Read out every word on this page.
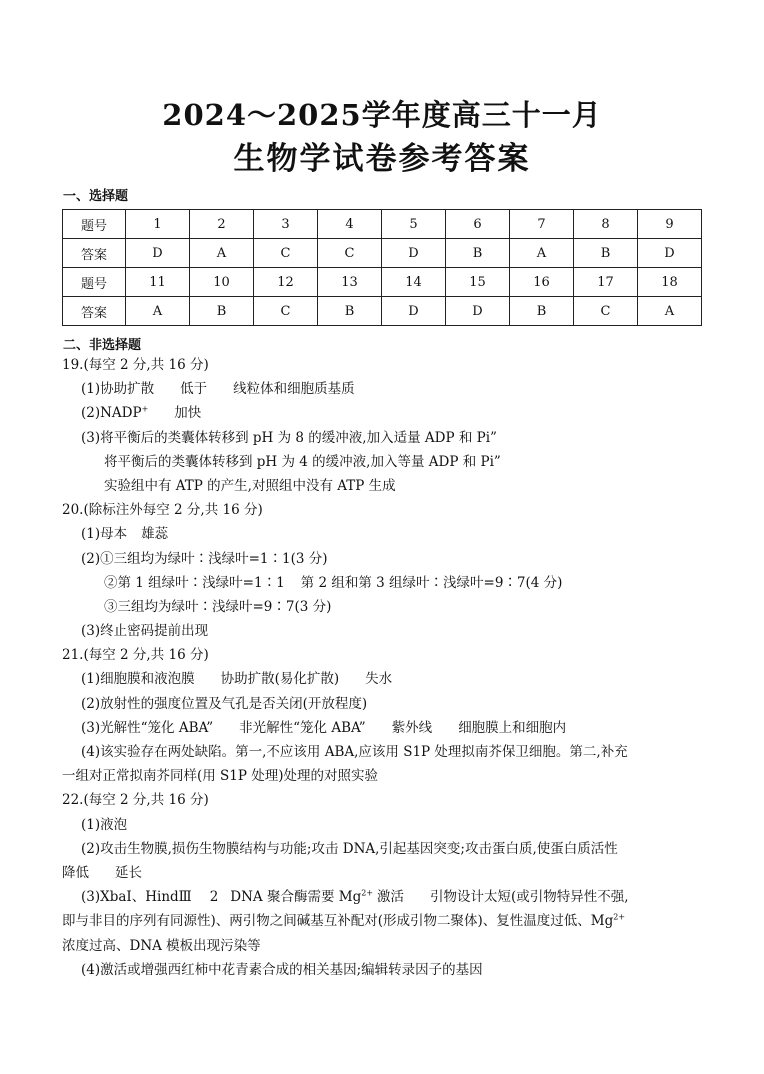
2024～2025学年度高三十一月
生物学试卷参考答案
一、选择题
题号	1	2	3	4	5	6	7	8	9
答案	D	A	C	C	D	B	A	B	D
题号	11	10	12	13	14	15	16	17	18
答案	A	B	C	B	D	D	B	C	A
二、非选择题
19.(每空 2 分,共 16 分)
(1)协助扩散 低于 线粒体和细胞质基质
(2)NADP+ 加快
(3)将平衡后的类囊体转移到 pH 为 8 的缓冲液,加入适量 ADP 和 Pi”
将平衡后的类囊体转移到 pH 为 4 的缓冲液,加入等量 ADP 和 Pi”
实验组中有 ATP 的产生,对照组中没有 ATP 生成
20.(除标注外每空 2 分,共 16 分)
(1)母本 雄蕊
(2)①三组均为绿叶∶浅绿叶=1∶1(3 分)
②第 1 组绿叶∶浅绿叶=1∶1 第 2 组和第 3 组绿叶∶浅绿叶=9∶7(4 分)
③三组均为绿叶∶浅绿叶=9∶7(3 分)
(3)终止密码提前出现
21.(每空 2 分,共 16 分)
(1)细胞膜和液泡膜 协助扩散(易化扩散) 失水
(2)放射性的强度位置及气孔是否关闭(开放程度)
(3)光解性“笼化 ABA” 非光解性“笼化 ABA” 紫外线 细胞膜上和细胞内
(4)该实验存在两处缺陷。第一,不应该用 ABA,应该用 S1P 处理拟南芥保卫细胞。第二,补充
一组对正常拟南芥同样(用 S1P 处理)处理的对照实验
22.(每空 2 分,共 16 分)
(1)液泡
(2)攻击生物膜,损伤生物膜结构与功能;攻击 DNA,引起基因突变;攻击蛋白质,使蛋白质活性
降低 延长
(3)XbaⅠ、HindⅢ 2 DNA 聚合酶需要 $Mg^{2+}$ 激活 引物设计太短(或引物特异性不强,
即与非目的序列有同源性)、两引物之间碱基互补配对(形成引物二聚体)、复性温度过低、$Mg^{2+}$
浓度过高、DNA 模板出现污染等
(4)激活或增强西红柿中花青素合成的相关基因;编辑转录因子的基因
